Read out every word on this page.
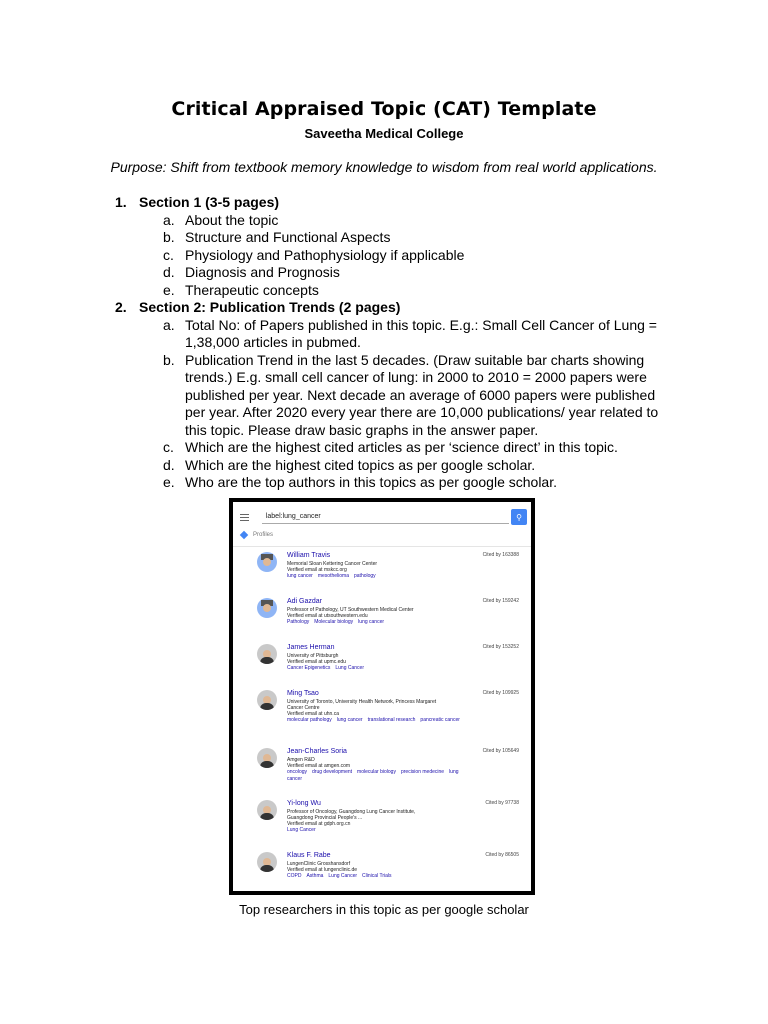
Critical Appraised Topic (CAT) Template
Saveetha Medical College
Purpose: Shift from textbook memory knowledge to wisdom from real world applications.
1. Section 1 (3-5 pages)
a. About the topic
b. Structure and Functional Aspects
c. Physiology and Pathophysiology if applicable
d. Diagnosis and Prognosis
e. Therapeutic concepts
2. Section 2: Publication Trends (2 pages)
a. Total No: of Papers published in this topic. E.g.: Small Cell Cancer of Lung = 1,38,000 articles in pubmed.
b. Publication Trend in the last 5 decades. (Draw suitable bar charts showing trends.) E.g. small cell cancer of lung: in 2000 to 2010 = 2000 papers were published per year. Next decade an average of 6000 papers were published per year. After 2020 every year there are 10,000 publications/ year related to this topic. Please draw basic graphs in the answer paper.
c. Which are the highest cited articles as per ‘science direct’ in this topic.
d. Which are the highest cited topics as per google scholar.
e. Who are the top authors in this topics as per google scholar.
label:lung_cancer	⚲
Profiles
William Travis
Memorial Sloan Kettering Cancer Center
Verified email at mskcc.org
lung cancer mesothelioma pathology
Cited by 163388
Adi Gazdar
Professor of Pathology, UT Southwestern Medical Center
Verified email at utsouthwestern.edu
Pathology Molecular biology lung cancer
Cited by 159242
James Herman
University of Pittsburgh
Verified email at upmc.edu
Cancer Epigenetics Lung Cancer
Cited by 153252
Ming Tsao
University of Toronto, University Health Network, Princess Margaret
Cancer Centre
Verified email at uhn.ca
molecular pathology lung cancer translational research pancreatic cancer
Cited by 109925
Jean-Charles Soria
Amgen R&D
Verified email at amgen.com
oncology drug development molecular biology precision medecine lung cancer
Cited by 105649
Yi-long Wu
Professor of Oncology, Guangdong Lung Cancer Institute,
Guangdong Provincial People's ...
Verified email at gdph.org.cn
Lung Cancer
Cited by 97738
Klaus F. Rabe
LungenClinic Grosshansdorf
Verified email at lungenclinic.de
COPD Asthma Lung Cancer Clinical Trials
Cited by 86505
Top researchers in this topic as per google scholar
